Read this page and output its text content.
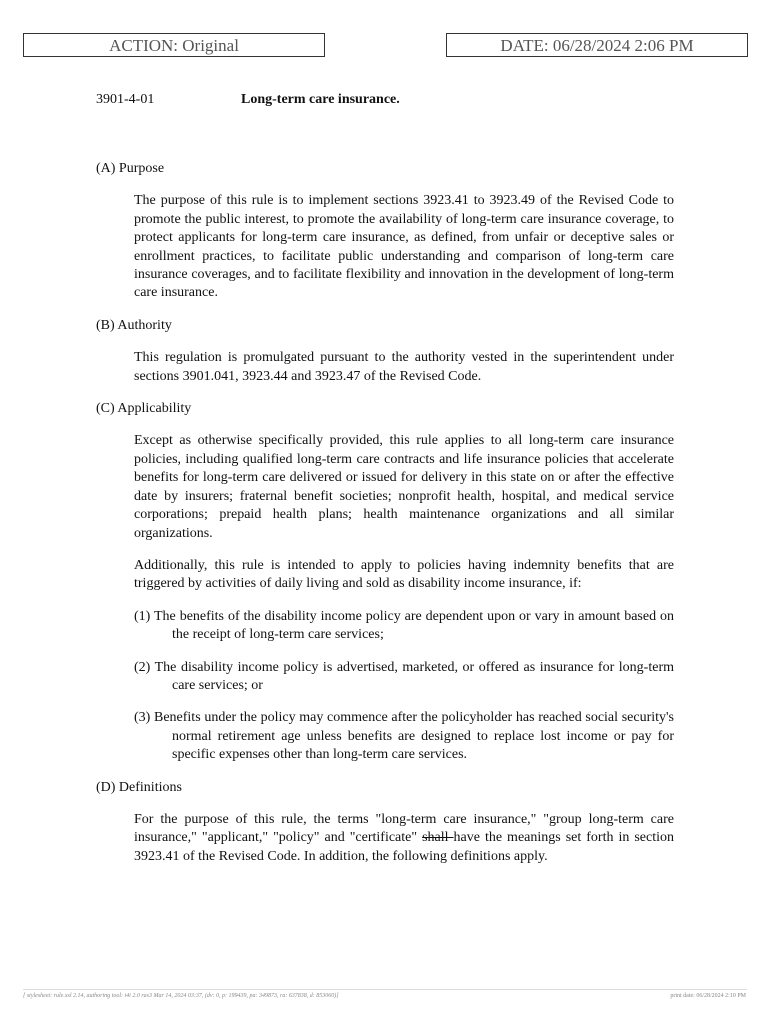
ACTION: Original	DATE: 06/28/2024 2:06 PM
3901-4-01	Long-term care insurance.

(A) Purpose

The purpose of this rule is to implement sections 3923.41 to 3923.49 of the Revised Code to promote the public interest, to promote the availability of long-term care insurance coverage, to protect applicants for long-term care insurance, as defined, from unfair or deceptive sales or enrollment practices, to facilitate public understanding and comparison of long-term care insurance coverages, and to facilitate flexibility and innovation in the development of long-term care insurance.

(B) Authority

This regulation is promulgated pursuant to the authority vested in the superintendent under sections 3901.041, 3923.44 and 3923.47 of the Revised Code.

(C) Applicability

Except as otherwise specifically provided, this rule applies to all long-term care insurance policies, including qualified long-term care contracts and life insurance policies that accelerate benefits for long-term care delivered or issued for delivery in this state on or after the effective date by insurers; fraternal benefit societies; nonprofit health, hospital, and medical service corporations; prepaid health plans; health maintenance organizations and all similar organizations.

Additionally, this rule is intended to apply to policies having indemnity benefits that are triggered by activities of daily living and sold as disability income insurance, if:

(1) The benefits of the disability income policy are dependent upon or vary in amount based on the receipt of long-term care services;

(2) The disability income policy is advertised, marketed, or offered as insurance for long-term care services; or

(3) Benefits under the policy may commence after the policyholder has reached social security's normal retirement age unless benefits are designed to replace lost income or pay for specific expenses other than long-term care services.

(D) Definitions

For the purpose of this rule, the terms "long-term care insurance," "group long-term care insurance," "applicant," "policy" and "certificate" shall have the meanings set forth in section 3923.41 of the Revised Code. In addition, the following definitions apply.

[ stylesheet: rule.xsl 2.14, authoring tool: i4i 2.0 ras3 Mar 14, 2024 03:37, (dv: 0, p: 199439, pa: 349873, ra: 637838, d: 853060)]	print date: 06/28/2024 2:10 PM
